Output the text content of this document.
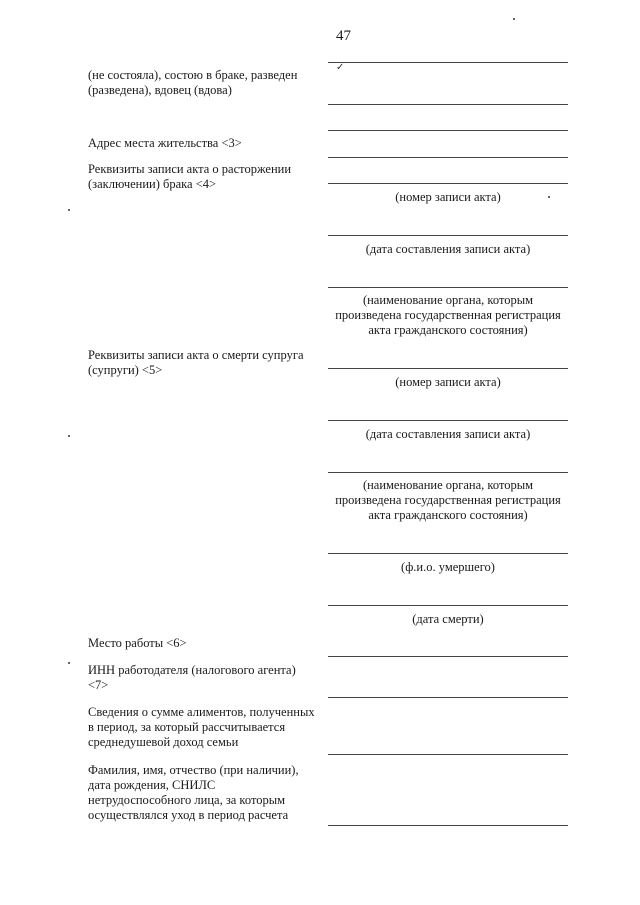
47
✓
(не состояла), состою в браке, разведен
(разведена), вдовец (вдова)
Адрес места жительства <3>
Реквизиты записи акта о расторжении
(заключении) брака <4>
Реквизиты записи акта о смерти супруга
(супруги) <5>
Место работы <6>
ИНН работодателя (налогового агента)
<7>
Сведения о сумме алиментов, полученных
в период, за который рассчитывается
среднедушевой доход семьи
Фамилия, имя, отчество (при наличии),
дата рождения, СНИЛС
нетрудоспособного лица, за которым
осуществлялся уход в период расчета
(номер записи акта)
(дата составления записи акта)
(наименование органа, которым
произведена государственная регистрация
акта гражданского состояния)
(номер записи акта)
(дата составления записи акта)
(наименование органа, которым
произведена государственная регистрация
акта гражданского состояния)
(ф.и.о. умершего)
(дата смерти)
